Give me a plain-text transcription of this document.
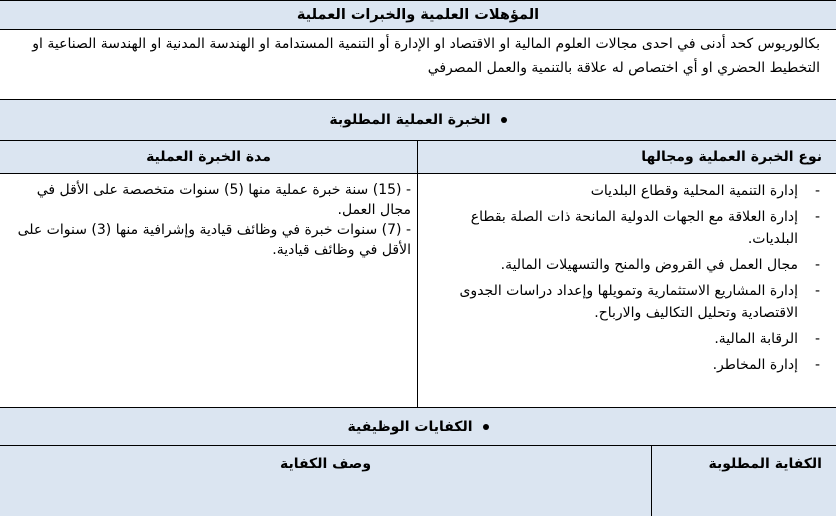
المؤهلات العلمية والخبرات العملية
بكالوريوس كحد أدنى في احدى مجالات العلوم المالية او الاقتصاد او الإدارة أو التنمية المستدامة او الهندسة المدنية او الهندسة الصناعية او التخطيط الحضري او أي اختصاص له علاقة بالتنمية والعمل المصرفي
الخبرة العملية المطلوبة
نوع الخبرة العملية ومجالها
مدة الخبرة العملية
- إدارة التنمية المحلية وقطاع البلديات
- إدارة العلاقة مع الجهات الدولية المانحة ذات الصلة بقطاع البلديات.
- مجال العمل في القروض والمنح والتسهيلات المالية.
- إدارة المشاريع الاستثمارية وتمويلها وإعداد دراسات الجدوى الاقتصادية وتحليل التكاليف والارباح.
- الرقابة المالية.
- إدارة المخاطر.

- (15) سنة خبرة عملية منها (5) سنوات متخصصة على الأقل في مجال العمل.

- (7) سنوات خبرة في وظائف قيادية وإشرافية منها (3) سنوات على الأقل في وظائف قيادية.

الكفايات الوظيفية
الكفاية المطلوبة
وصف الكفاية
